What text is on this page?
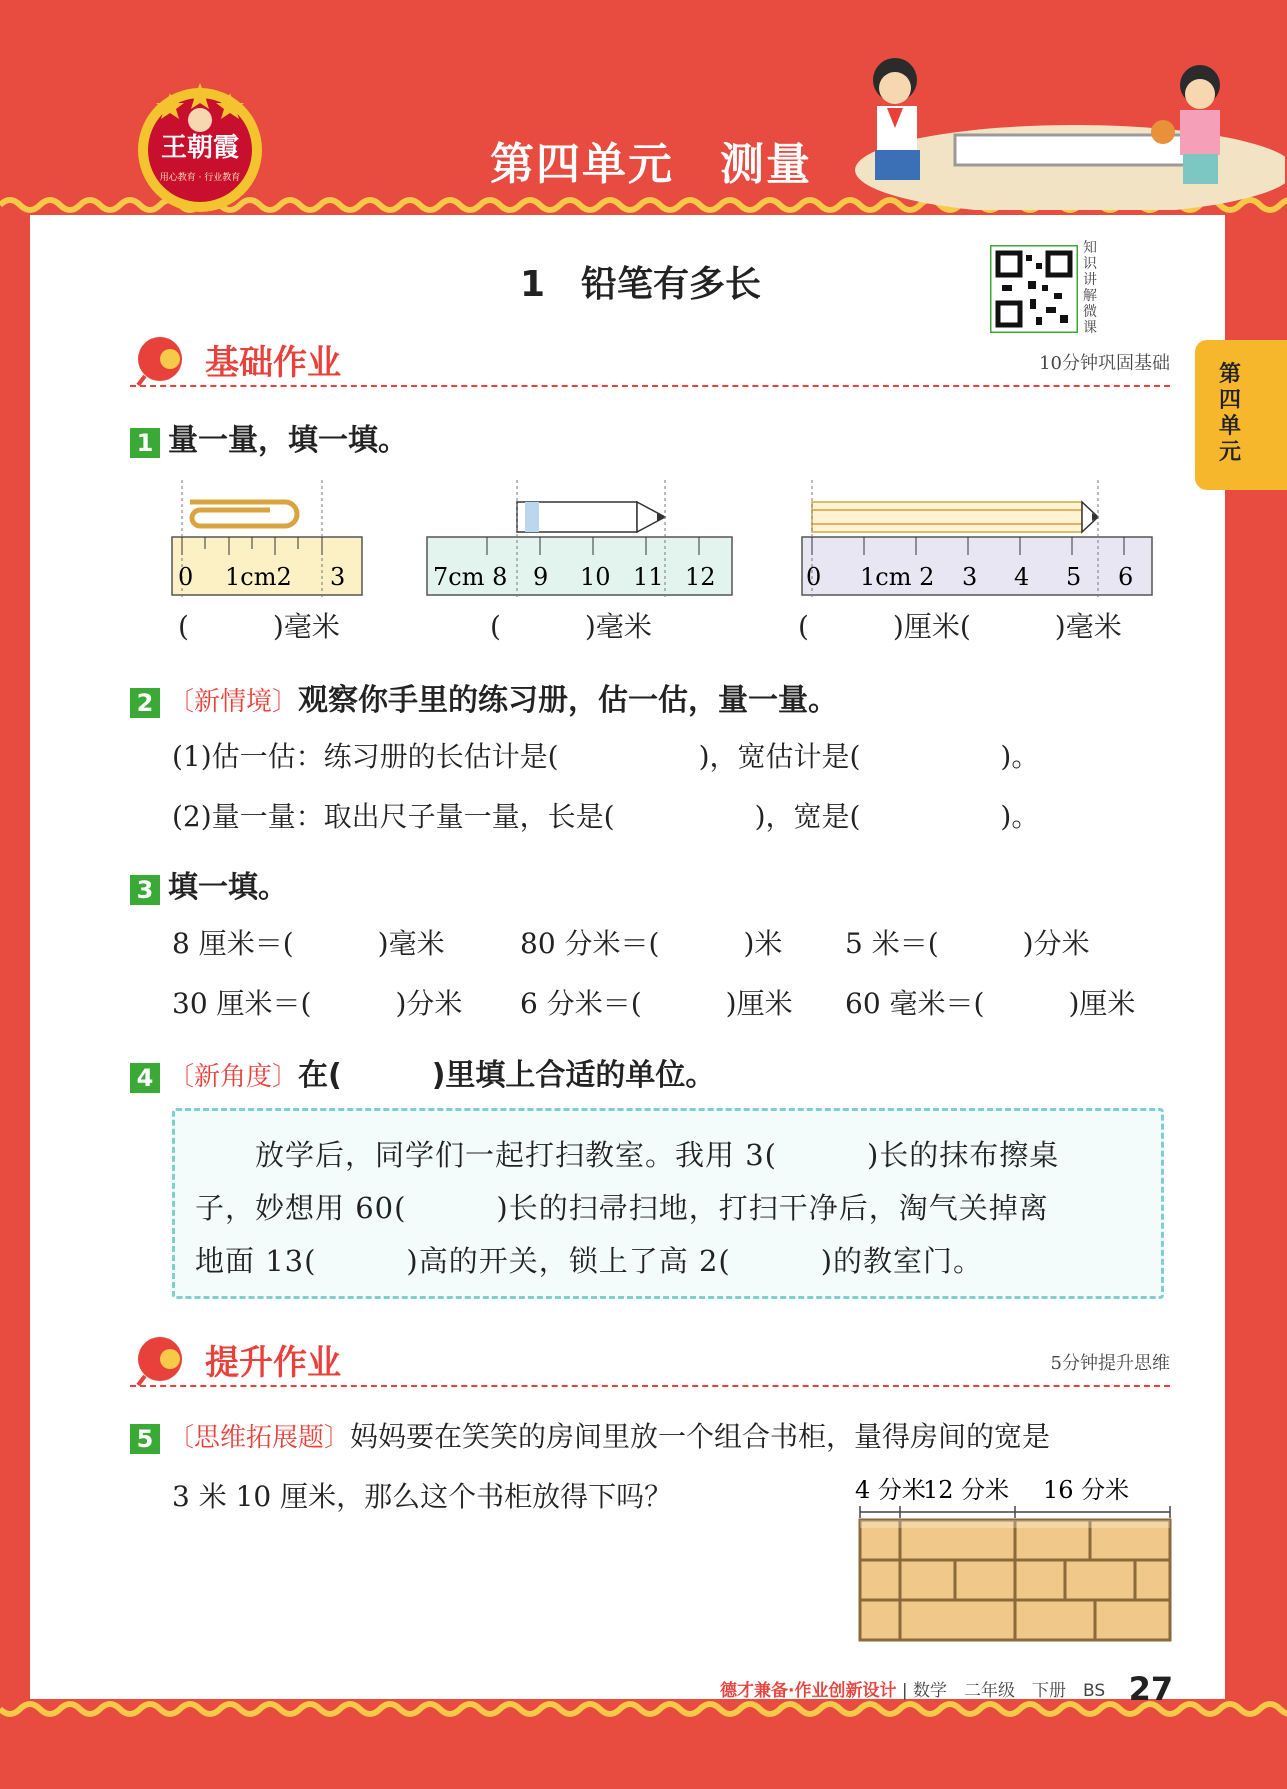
王朝霞
用心教育 · 行业教育	第四单元　测量
第四单元
1　铅笔有多长
知识讲解微课
基础作业	10分钟巩固基础
1 量一量，填一填。
0 1cm2 3
(　　　)毫米
7cm 8 9 10 11 12
(　　　)毫米
0 1cm 2 3 4 5 6
(　　　)厘米(　　　)毫米
2 〔新情境〕观察你手里的练习册，估一估，量一量。
(1)估一估：练习册的长估计是(　　　　　)，宽估计是(　　　　　)。
(2)量一量：取出尺子量一量，长是(　　　　　)，宽是(　　　　　)。
3 填一填。
8 厘米＝(　　　)毫米	80 分米＝(　　　)米 5 米＝(　　　)分米
30 厘米＝(　　　)分米 6 分米＝(　　　)厘米 60 毫米＝(　　　)厘米
4 〔新角度〕在(　　　)里填上合适的单位。
　　放学后，同学们一起打扫教室。我用 3(　　　)长的抹布擦桌
子，妙想用 60(　　　)长的扫帚扫地，打扫干净后，淘气关掉离
地面 13(　　　)高的开关，锁上了高 2(　　　)的教室门。
提升作业	5分钟提升思维
5 〔思维拓展题〕妈妈要在笑笑的房间里放一个组合书柜，量得房间的宽是
3 米 10 厘米，那么这个书柜放得下吗？	4 分米
12 分米 16 分米
德才兼备·作业创新设计 | 数学　二年级　下册　BS 27
